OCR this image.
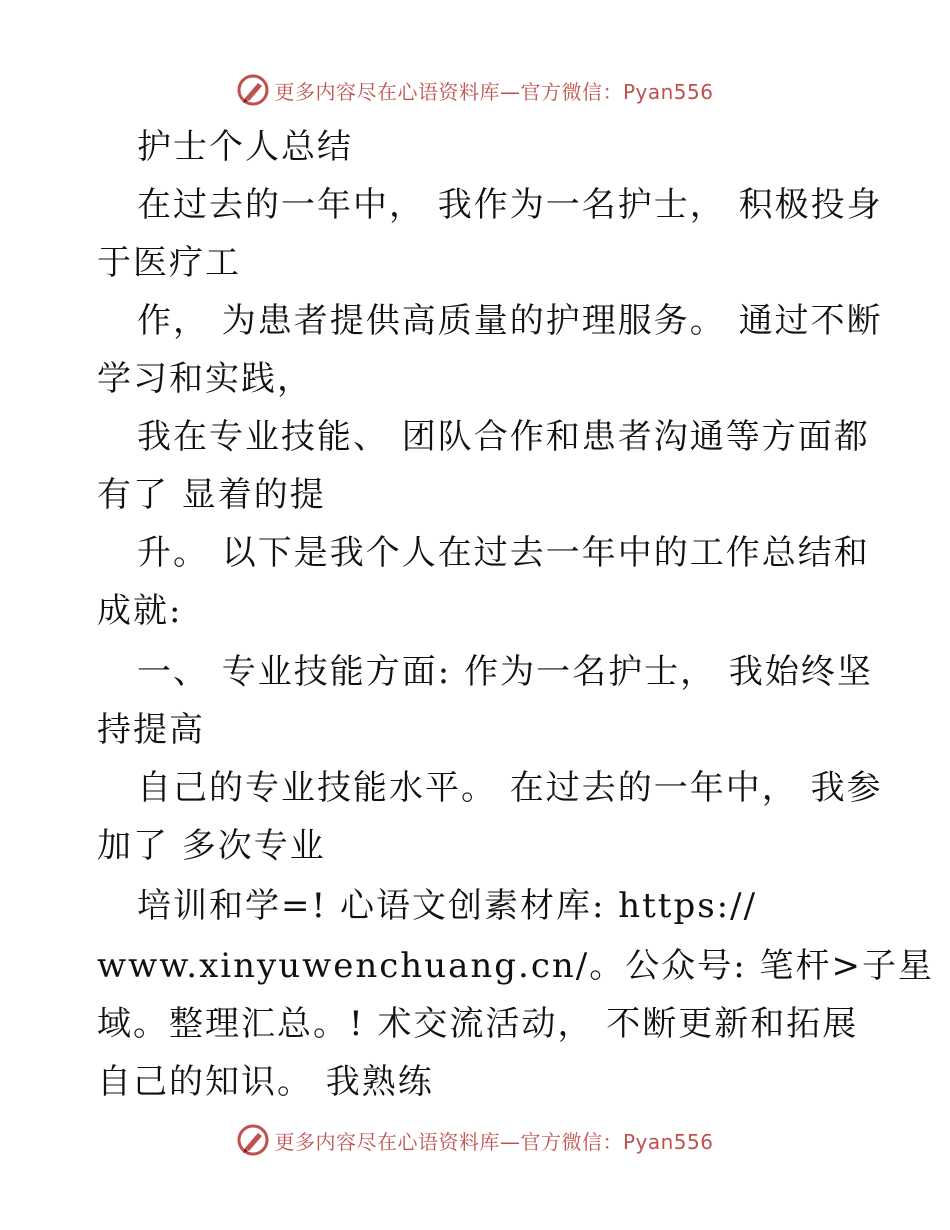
更多内容尽在心语资料库—官方微信：Pyan556
护士个人总结
在过去的一年中， 我作为一名护士， 积极投身
于医疗工
作， 为患者提供高质量的护理服务。 通过不断
学习和实践，
我在专业技能、 团队合作和患者沟通等方面都
有了 显着的提
升。 以下是我个人在过去一年中的工作总结和
成就:
一、 专业技能方面: 作为一名护士， 我始终坚
持提高
自己的专业技能水平。 在过去的一年中， 我参
加了 多次专业
培训和学=! 心语文创素材库: https://
www.xinyuwenchuang.cn/。公众号: 笔杆>子星
域。整理汇总。! 术交流活动， 不断更新和拓展
自己的知识。 我熟练
更多内容尽在心语资料库—官方微信：Pyan556
